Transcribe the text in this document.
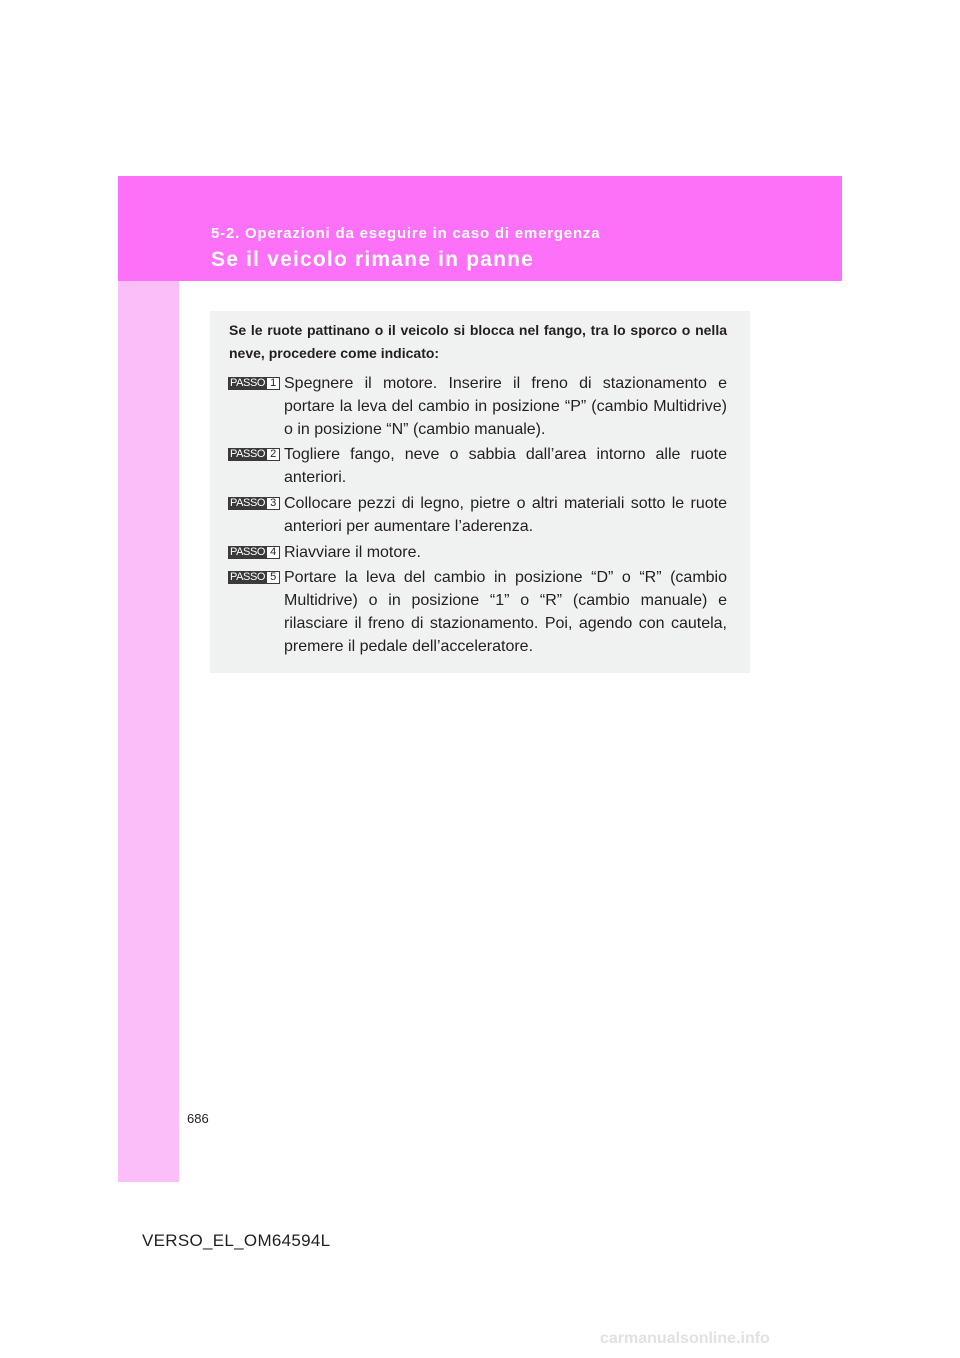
5-2. Operazioni da eseguire in caso di emergenza
Se il veicolo rimane in panne
Se le ruote pattinano o il veicolo si blocca nel fango, tra lo sporco o nella neve, procedere come indicato:
PASSO 1 Spegnere il motore. Inserire il freno di stazionamento e portare la leva del cambio in posizione “P” (cambio Multidrive) o in posizione “N” (cambio manuale).
PASSO 2 Togliere fango, neve o sabbia dall’area intorno alle ruote anteriori.
PASSO 3 Collocare pezzi di legno, pietre o altri materiali sotto le ruote anteriori per aumentare l’aderenza.
PASSO 4 Riavviare il motore.
PASSO 5 Portare la leva del cambio in posizione “D” o “R” (cambio Multidrive) o in posizione “1” o “R” (cambio manuale) e rilasciare il freno di stazionamento. Poi, agendo con cautela, premere il pedale dell’acceleratore.
686
VERSO_EL_OM64594L
carmanualsonline.info
